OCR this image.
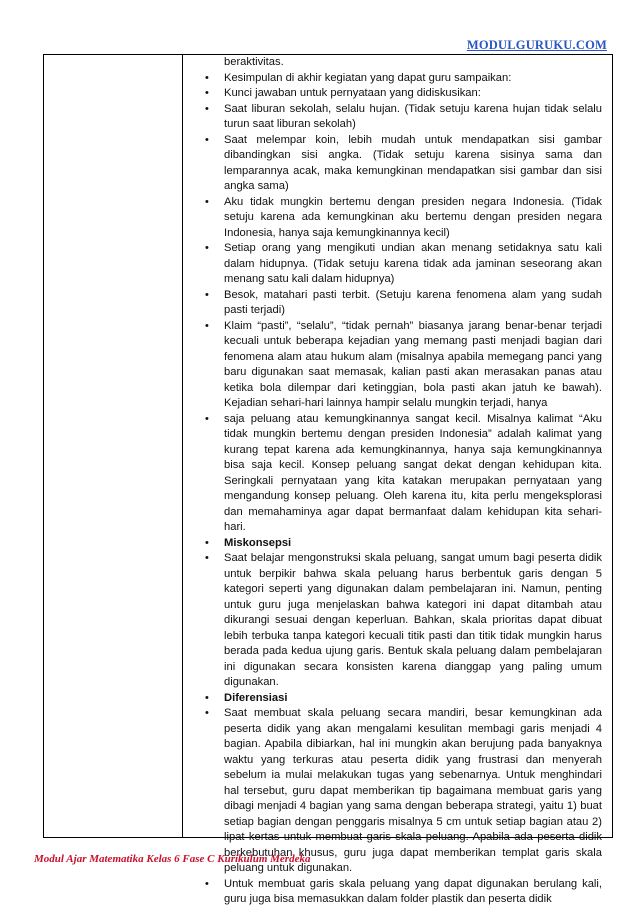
MODULGURUKU.COM

beraktivitas.

• Kesimpulan di akhir kegiatan yang dapat guru sampaikan:
• Kunci jawaban untuk pernyataan yang didiskusikan:
• Saat liburan sekolah, selalu hujan. (Tidak setuju karena hujan tidak selalu turun saat liburan sekolah)
• Saat melempar koin, lebih mudah untuk mendapatkan sisi gambar dibandingkan sisi angka. (Tidak setuju karena sisinya sama dan lemparannya acak, maka kemungkinan mendapatkan sisi gambar dan sisi angka sama)
• Aku tidak mungkin bertemu dengan presiden negara Indonesia. (Tidak setuju karena ada kemungkinan aku bertemu dengan presiden negara Indonesia, hanya saja kemungkinannya kecil)
• Setiap orang yang mengikuti undian akan menang setidaknya satu kali dalam hidupnya. (Tidak setuju karena tidak ada jaminan seseorang akan menang satu kali dalam hidupnya)
• Besok, matahari pasti terbit. (Setuju karena fenomena alam yang sudah pasti terjadi)
• Klaim “pasti”, “selalu”, “tidak pernah” biasanya jarang benar-benar terjadi kecuali untuk beberapa kejadian yang memang pasti menjadi bagian dari fenomena alam atau hukum alam (misalnya apabila memegang panci yang baru digunakan saat memasak, kalian pasti akan merasakan panas atau ketika bola dilempar dari ketinggian, bola pasti akan jatuh ke bawah). Kejadian sehari-hari lainnya hampir selalu mungkin terjadi, hanya
• saja peluang atau kemungkinannya sangat kecil. Misalnya kalimat “Aku tidak mungkin bertemu dengan presiden Indonesia” adalah kalimat yang kurang tepat karena ada kemungkinannya, hanya saja kemungkinannya bisa saja kecil. Konsep peluang sangat dekat dengan kehidupan kita. Seringkali pernyataan yang kita katakan merupakan pernyataan yang mengandung konsep peluang. Oleh karena itu, kita perlu mengeksplorasi dan memahaminya agar dapat bermanfaat dalam kehidupan kita sehari- hari.
• Miskonsepsi
• Saat belajar mengonstruksi skala peluang, sangat umum bagi peserta didik untuk berpikir bahwa skala peluang harus berbentuk garis dengan 5 kategori seperti yang digunakan dalam pembelajaran ini. Namun, penting untuk guru juga menjelaskan bahwa kategori ini dapat ditambah atau dikurangi sesuai dengan keperluan. Bahkan, skala prioritas dapat dibuat lebih terbuka tanpa kategori kecuali titik pasti dan titik tidak mungkin harus berada pada kedua ujung garis. Bentuk skala peluang dalam pembelajaran ini digunakan secara konsisten karena dianggap yang paling umum digunakan.
• Diferensiasi
• Saat membuat skala peluang secara mandiri, besar kemungkinan ada peserta didik yang akan mengalami kesulitan membagi garis menjadi 4 bagian. Apabila dibiarkan, hal ini mungkin akan berujung pada banyaknya waktu yang terkuras atau peserta didik yang frustrasi dan menyerah sebelum ia mulai melakukan tugas yang sebenarnya. Untuk menghindari hal tersebut, guru dapat memberikan tip bagaimana membuat garis yang dibagi menjadi 4 bagian yang sama dengan beberapa strategi, yaitu 1) buat setiap bagian dengan penggaris misalnya 5 cm untuk setiap bagian atau 2) lipat kertas untuk membuat garis skala peluang. Apabila ada peserta didik berkebutuhan khusus, guru juga dapat memberikan templat garis skala peluang untuk digunakan.
• Untuk membuat garis skala peluang yang dapat digunakan berulang kali, guru juga bisa memasukkan dalam folder plastik dan peserta didik
Modul Ajar Matematika Kelas 6 Fase C Kurikulum Merdeka
